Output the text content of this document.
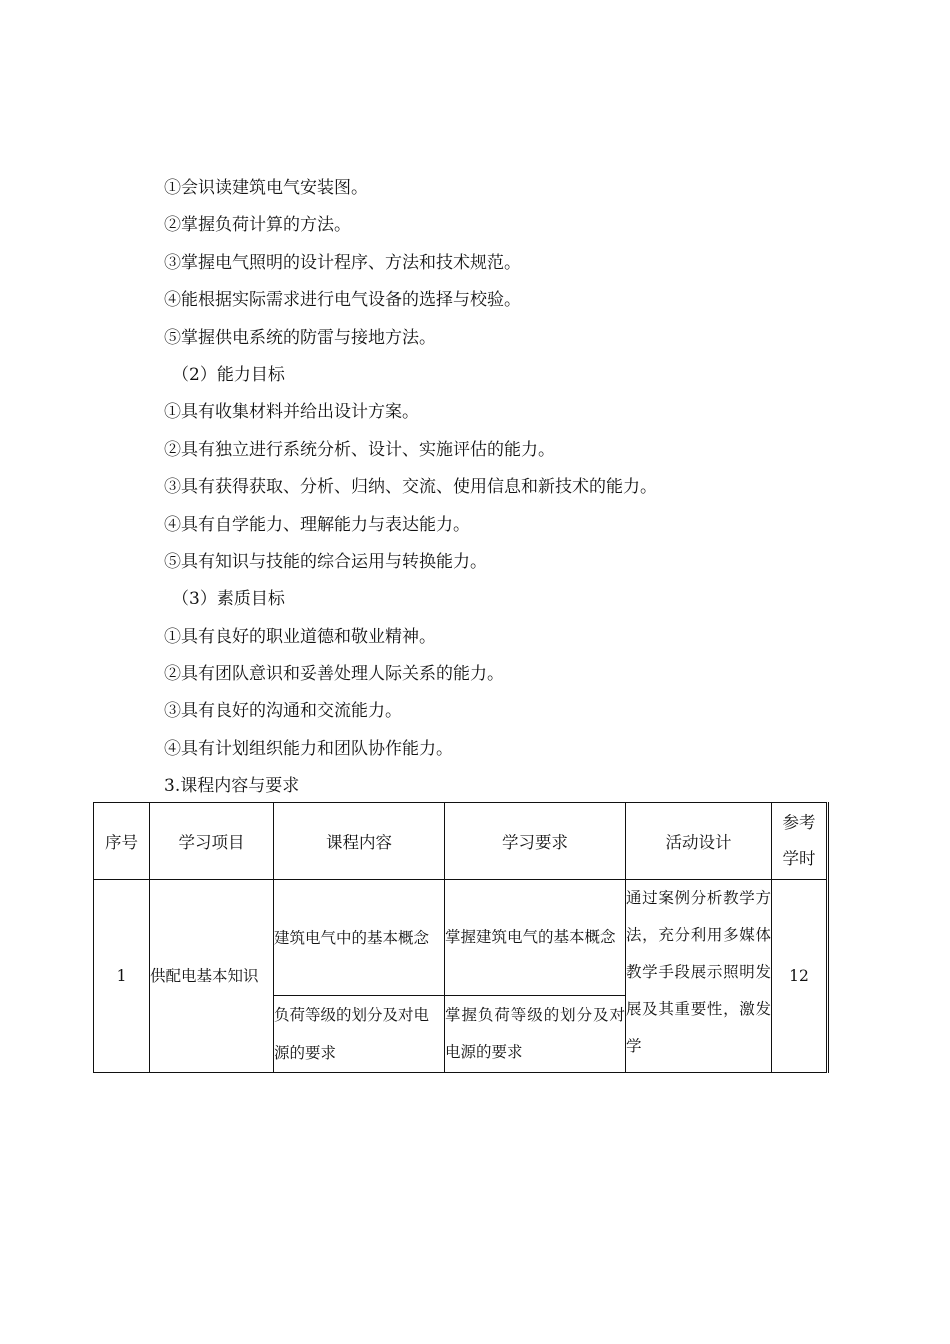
①会识读建筑电气安装图。
②掌握负荷计算的方法。
③掌握电气照明的设计程序、方法和技术规范。
④能根据实际需求进行电气设备的选择与校验。
⑤掌握供电系统的防雷与接地方法。
（2）能力目标
①具有收集材料并给出设计方案。
②具有独立进行系统分析、设计、实施评估的能力。
③具有获得获取、分析、归纳、交流、使用信息和新技术的能力。
④具有自学能力、理解能力与表达能力。
⑤具有知识与技能的综合运用与转换能力。
（3）素质目标
①具有良好的职业道德和敬业精神。
②具有团队意识和妥善处理人际关系的能力。
③具有良好的沟通和交流能力。
④具有计划组织能力和团队协作能力。
3.课程内容与要求
序号	学习项目	课程内容	学习要求	活动设计	参考
学时

1	供配电基本知识	建筑电气中的基本概念	掌握建筑电气的基本概念	通过案例分析教学方法，充分利用多媒体教学手段展示照明发展及其重要性，激发学	12
		负荷等级的划分及对电源的要求	掌握负荷等级的划分及对电源的要求		
